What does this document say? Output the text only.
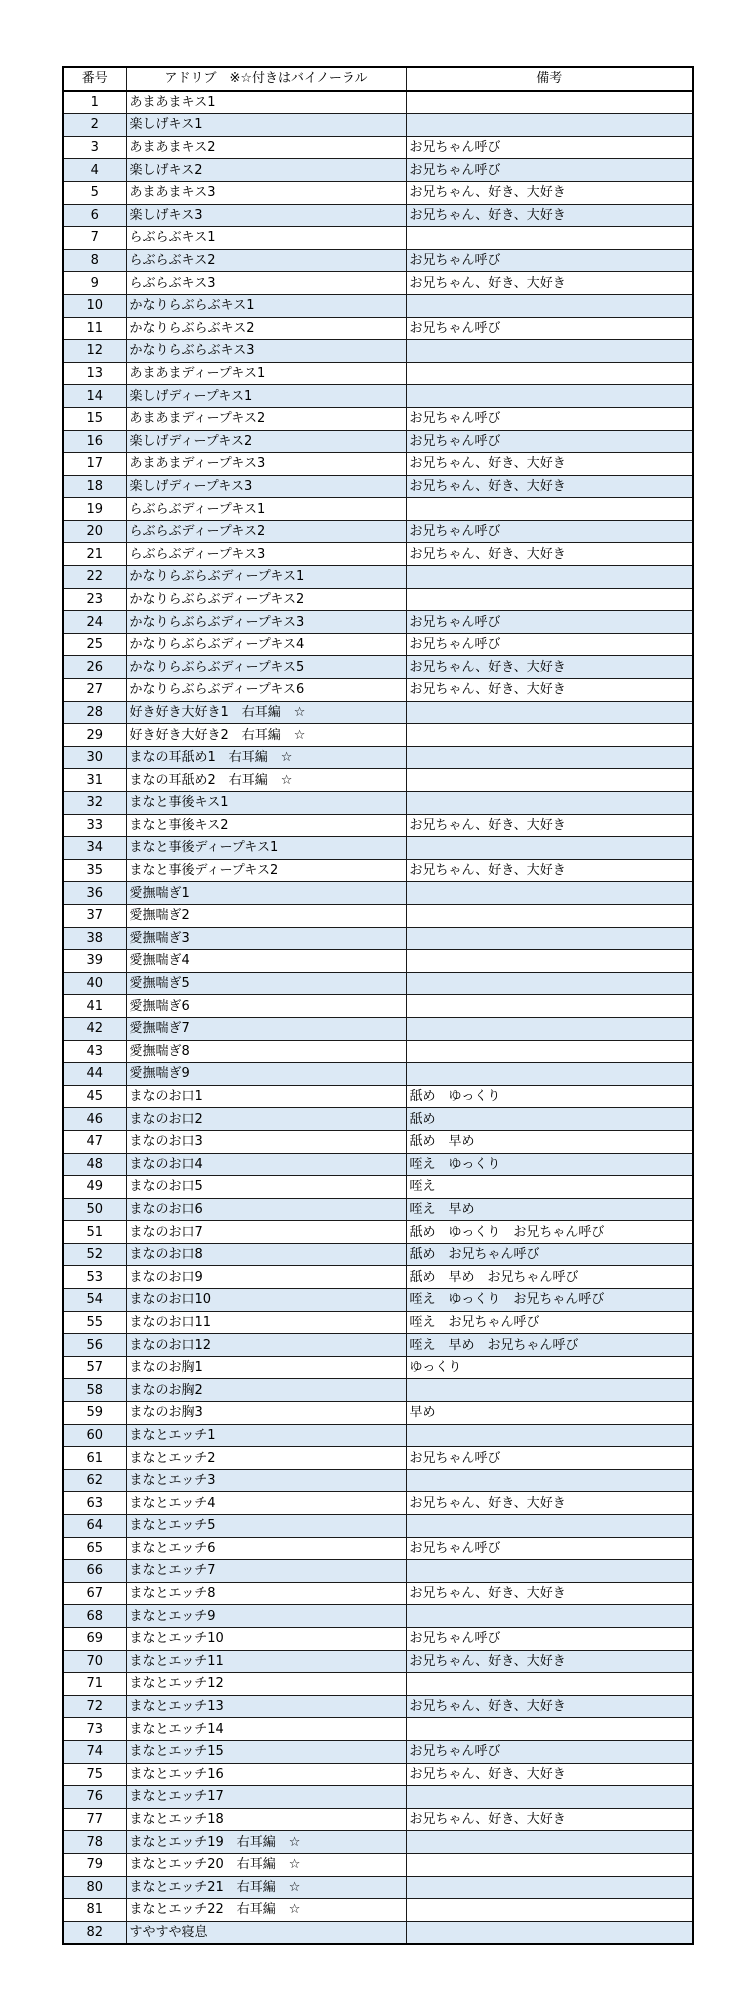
番号	アドリブ　※☆付きはバイノーラル	備考
1	あまあまキス1	
2	楽しげキス1	
3	あまあまキス2	お兄ちゃん呼び
4	楽しげキス2	お兄ちゃん呼び
5	あまあまキス3	お兄ちゃん、好き、大好き
6	楽しげキス3	お兄ちゃん、好き、大好き
7	らぶらぶキス1	
8	らぶらぶキス2	お兄ちゃん呼び
9	らぶらぶキス3	お兄ちゃん、好き、大好き
10	かなりらぶらぶキス1	
11	かなりらぶらぶキス2	お兄ちゃん呼び
12	かなりらぶらぶキス3	
13	あまあまディープキス1	
14	楽しげディープキス1	
15	あまあまディープキス2	お兄ちゃん呼び
16	楽しげディープキス2	お兄ちゃん呼び
17	あまあまディープキス3	お兄ちゃん、好き、大好き
18	楽しげディープキス3	お兄ちゃん、好き、大好き
19	らぶらぶディープキス1	
20	らぶらぶディープキス2	お兄ちゃん呼び
21	らぶらぶディープキス3	お兄ちゃん、好き、大好き
22	かなりらぶらぶディープキス1	
23	かなりらぶらぶディープキス2	
24	かなりらぶらぶディープキス3	お兄ちゃん呼び
25	かなりらぶらぶディープキス4	お兄ちゃん呼び
26	かなりらぶらぶディープキス5	お兄ちゃん、好き、大好き
27	かなりらぶらぶディープキス6	お兄ちゃん、好き、大好き
28	好き好き大好き1　右耳編　☆	
29	好き好き大好き2　右耳編　☆	
30	まなの耳舐め1　右耳編　☆	
31	まなの耳舐め2　右耳編　☆	
32	まなと事後キス1	
33	まなと事後キス2	お兄ちゃん、好き、大好き
34	まなと事後ディープキス1	
35	まなと事後ディープキス2	お兄ちゃん、好き、大好き
36	愛撫喘ぎ1	
37	愛撫喘ぎ2	
38	愛撫喘ぎ3	
39	愛撫喘ぎ4	
40	愛撫喘ぎ5	
41	愛撫喘ぎ6	
42	愛撫喘ぎ7	
43	愛撫喘ぎ8	
44	愛撫喘ぎ9	
45	まなのお口1	舐め　ゆっくり
46	まなのお口2	舐め
47	まなのお口3	舐め　早め
48	まなのお口4	咥え　ゆっくり
49	まなのお口5	咥え
50	まなのお口6	咥え　早め
51	まなのお口7	舐め　ゆっくり　お兄ちゃん呼び
52	まなのお口8	舐め　お兄ちゃん呼び
53	まなのお口9	舐め　早め　お兄ちゃん呼び
54	まなのお口10	咥え　ゆっくり　お兄ちゃん呼び
55	まなのお口11	咥え　お兄ちゃん呼び
56	まなのお口12	咥え　早め　お兄ちゃん呼び
57	まなのお胸1	ゆっくり
58	まなのお胸2	
59	まなのお胸3	早め
60	まなとエッチ1	
61	まなとエッチ2	お兄ちゃん呼び
62	まなとエッチ3	
63	まなとエッチ4	お兄ちゃん、好き、大好き
64	まなとエッチ5	
65	まなとエッチ6	お兄ちゃん呼び
66	まなとエッチ7	
67	まなとエッチ8	お兄ちゃん、好き、大好き
68	まなとエッチ9	
69	まなとエッチ10	お兄ちゃん呼び
70	まなとエッチ11	お兄ちゃん、好き、大好き
71	まなとエッチ12	
72	まなとエッチ13	お兄ちゃん、好き、大好き
73	まなとエッチ14	
74	まなとエッチ15	お兄ちゃん呼び
75	まなとエッチ16	お兄ちゃん、好き、大好き
76	まなとエッチ17	
77	まなとエッチ18	お兄ちゃん、好き、大好き
78	まなとエッチ19　右耳編　☆	
79	まなとエッチ20　右耳編　☆	
80	まなとエッチ21　右耳編　☆	
81	まなとエッチ22　右耳編　☆	
82	すやすや寝息	
